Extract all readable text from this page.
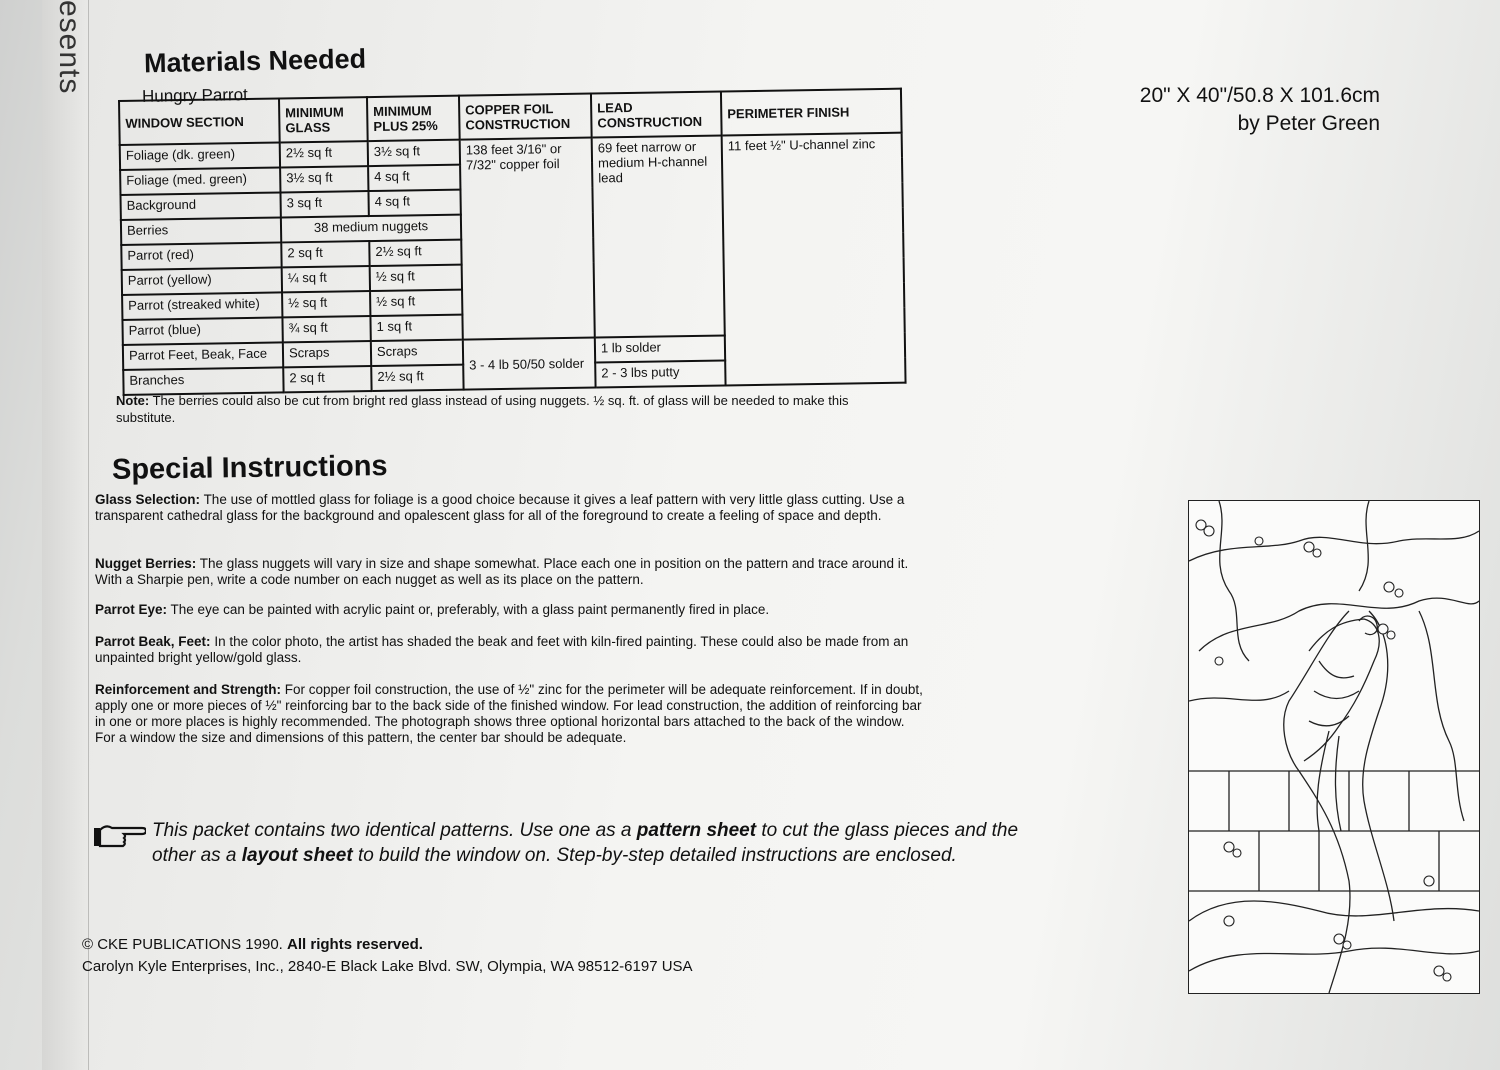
esents Materials Needed
Hungry Parrot	20" X 40"/50.8 X 101.6cm
by Peter Green
WINDOW SECTION	MINIMUM GLASS	MINIMUM PLUS 25%	COPPER FOIL CONSTRUCTION	LEAD CONSTRUCTION	PERIMETER FINISH
Foliage (dk. green)	2½ sq ft	3½ sq ft	138 feet 3/16" or 7/32" copper foil	69 feet narrow or medium H-channel lead	11 feet ½" U-channel zinc
Foliage (med. green)	3½ sq ft	4 sq ft			
Background	3 sq ft	4 sq ft			
Berries	38 medium nuggets				
Parrot (red)	2 sq ft	2½ sq ft			
Parrot (yellow)	¼ sq ft	½ sq ft			
Parrot (streaked white)	½ sq ft	½ sq ft			
Parrot (blue)	¾ sq ft	1 sq ft			
Parrot Feet, Beak, Face	Scraps	Scraps	3 - 4 lb 50/50 solder	1 lb solder	
Branches	2 sq ft	2½ sq ft		2 - 3 lbs putty	
Note: The berries could also be cut from bright red glass instead of using nuggets. ½ sq. ft. of glass will be needed to make this substitute.
Special Instructions
Glass Selection: The use of mottled glass for foliage is a good choice because it gives a leaf pattern with very little glass cutting. Use a transparent cathedral glass for the background and opalescent glass for all of the foreground to create a feeling of space and depth.
Nugget Berries: The glass nuggets will vary in size and shape somewhat. Place each one in position on the pattern and trace around it. With a Sharpie pen, write a code number on each nugget as well as its place on the pattern.
Parrot Eye: The eye can be painted with acrylic paint or, preferably, with a glass paint permanently fired in place.
Parrot Beak, Feet: In the color photo, the artist has shaded the beak and feet with kiln-fired painting. These could also be made from an unpainted bright yellow/gold glass.
Reinforcement and Strength: For copper foil construction, the use of ½" zinc for the perimeter will be adequate reinforcement. If in doubt, apply one or more pieces of ½" reinforcing bar to the back side of the finished window. For lead construction, the addition of reinforcing bar in one or more places is highly recommended. The photograph shows three optional horizontal bars attached to the back of the window. For a window the size and dimensions of this pattern, the center bar should be adequate.

This packet contains two identical patterns. Use one as a pattern sheet to cut the glass pieces and the other as a layout sheet to build the window on. Step-by-step detailed instructions are enclosed.

© CKE PUBLICATIONS 1990. All rights reserved.
Carolyn Kyle Enterprises, Inc., 2840-E Black Lake Blvd. SW, Olympia, WA 98512-6197 USA
